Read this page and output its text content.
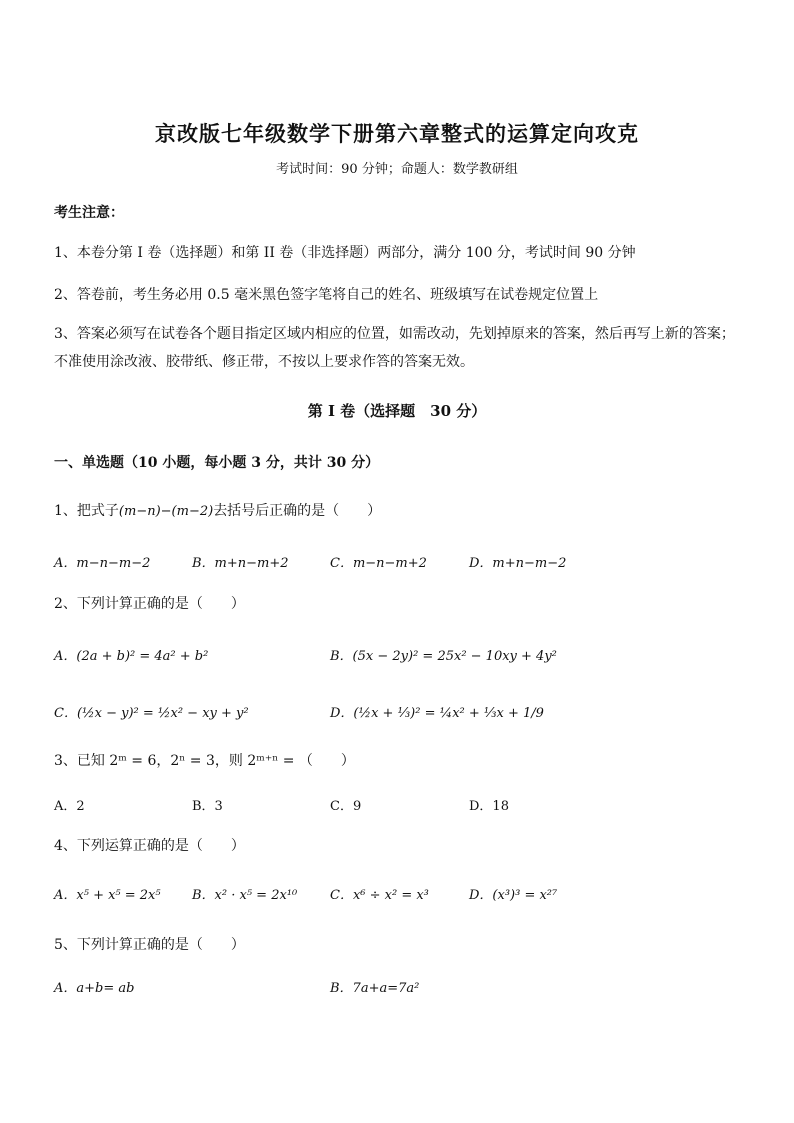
京改版七年级数学下册第六章整式的运算定向攻克
考试时间：90 分钟；命题人：数学教研组
考生注意：
1、本卷分第 I 卷（选择题）和第 II 卷（非选择题）两部分，满分 100 分，考试时间 90 分钟
2、答卷前，考生务必用 0.5 毫米黑色签字笔将自己的姓名、班级填写在试卷规定位置上
3、答案必须写在试卷各个题目指定区域内相应的位置，如需改动，先划掉原来的答案，然后再写上新的答案；不准使用涂改液、胶带纸、修正带，不按以上要求作答的答案无效。
第 I 卷（选择题　30 分）
一、单选题（10 小题，每小题 3 分，共计 30 分）
1、把式子(m−n)−(m−2)去括号后正确的是（　　）
A．m−n−m−2	B．m+n−m+2	C．m−n−m+2	D．m+n−m−2
2、下列计算正确的是（　　）
A．(2a + b)² = 4a² + b²	B．(5x − 2y)² = 25x² − 10xy + 4y²
C．(½x − y)² = ½x² − xy + y²	D．(½x + ⅓)² = ¼x² + ⅓x + 1/9
3、已知 2ᵐ = 6，2ⁿ = 3，则 2ᵐ⁺ⁿ = （　　）
A．2	B．3	C．9	D．18
4、下列运算正确的是（　　）
A．x⁵ + x⁵ = 2x⁵ B．x² · x⁵ = 2x¹⁰	C．x⁶ ÷ x² = x³	D．(x³)³ = x²⁷
5、下列计算正确的是（　　）
A．a+b= ab	B．7a+a=7a²
